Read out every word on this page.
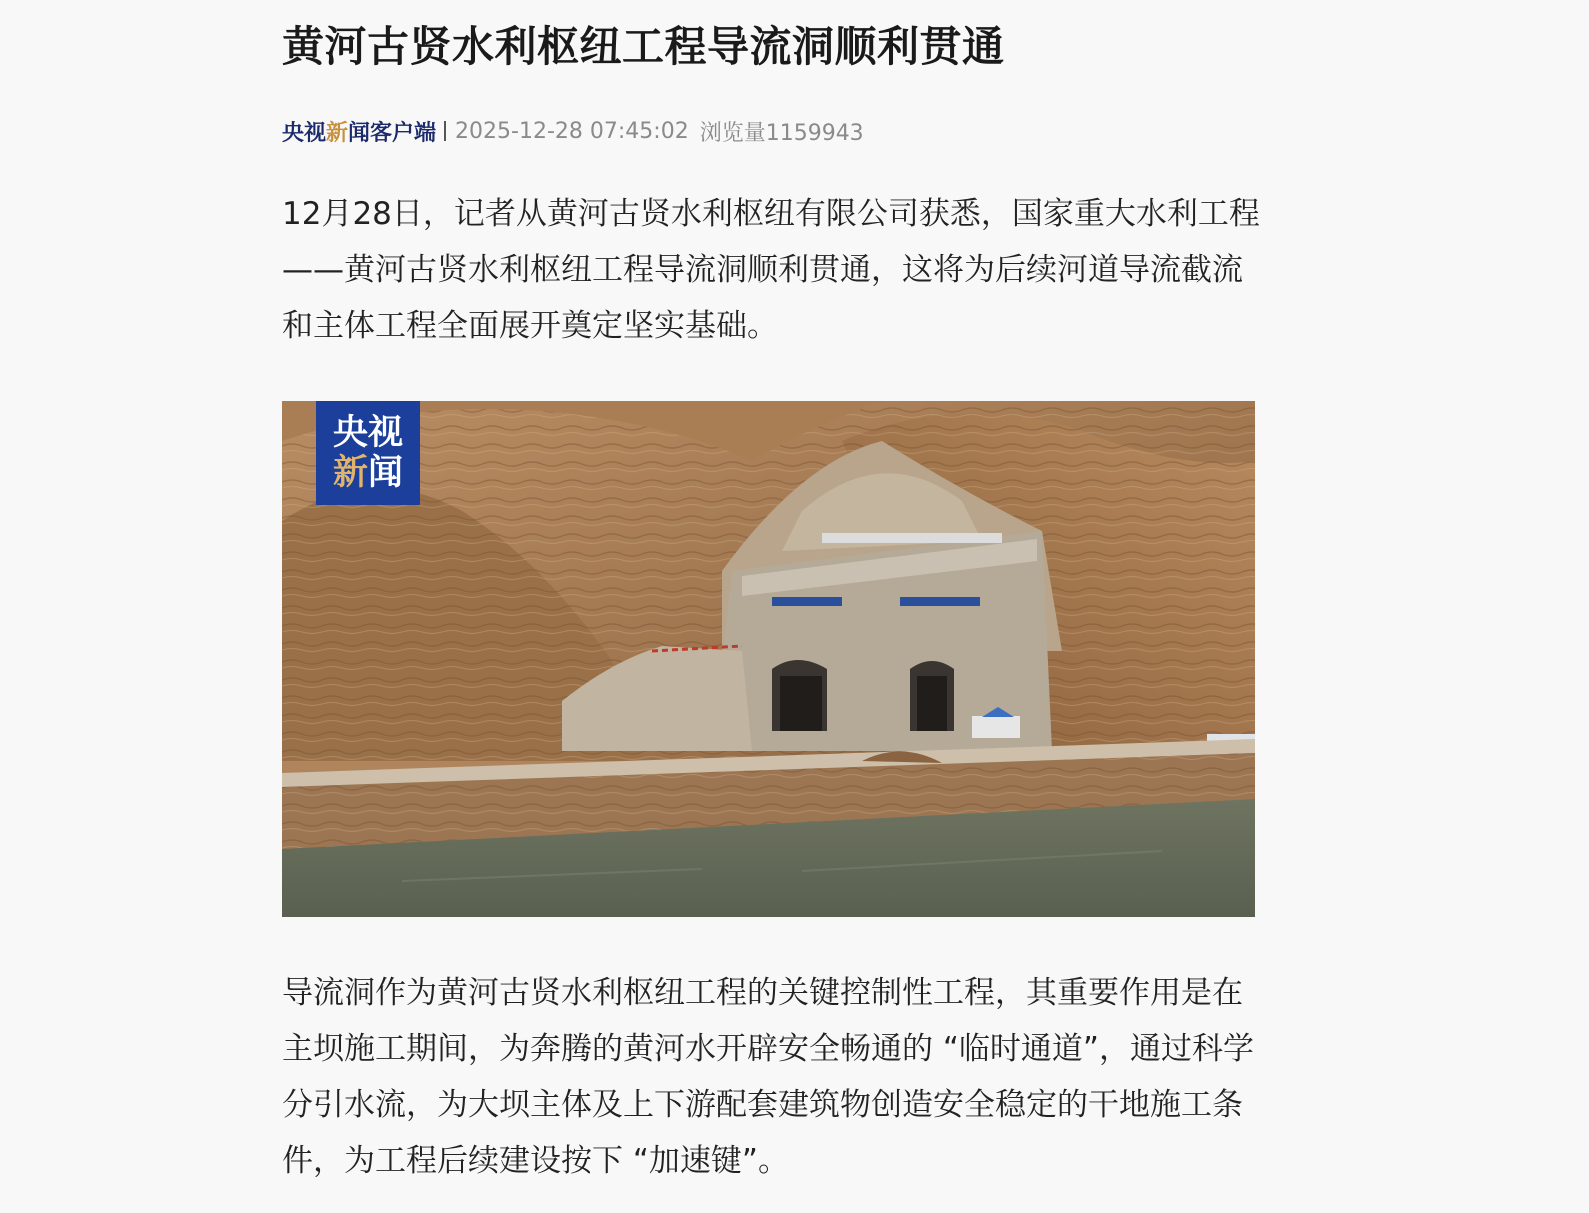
黄河古贤水利枢纽工程导流洞顺利贯通
央视 新 闻客户端 2025-12-28 07:45:02 浏览量1159943

12月28日，记者从黄河古贤水利枢纽有限公司获悉，国家重大水利工程——黄河古贤水利枢纽工程导流洞顺利贯通，这将为后续河道导流截流和主体工程全面展开奠定坚实基础。

央视
新闻

导流洞作为黄河古贤水利枢纽工程的关键控制性工程，其重要作用是在主坝施工期间，为奔腾的黄河水开辟安全畅通的 “临时通道”，通过科学分引水流，为大坝主体及上下游配套建筑物创造安全稳定的干地施工条件，为工程后续建设按下 “加速键”。
